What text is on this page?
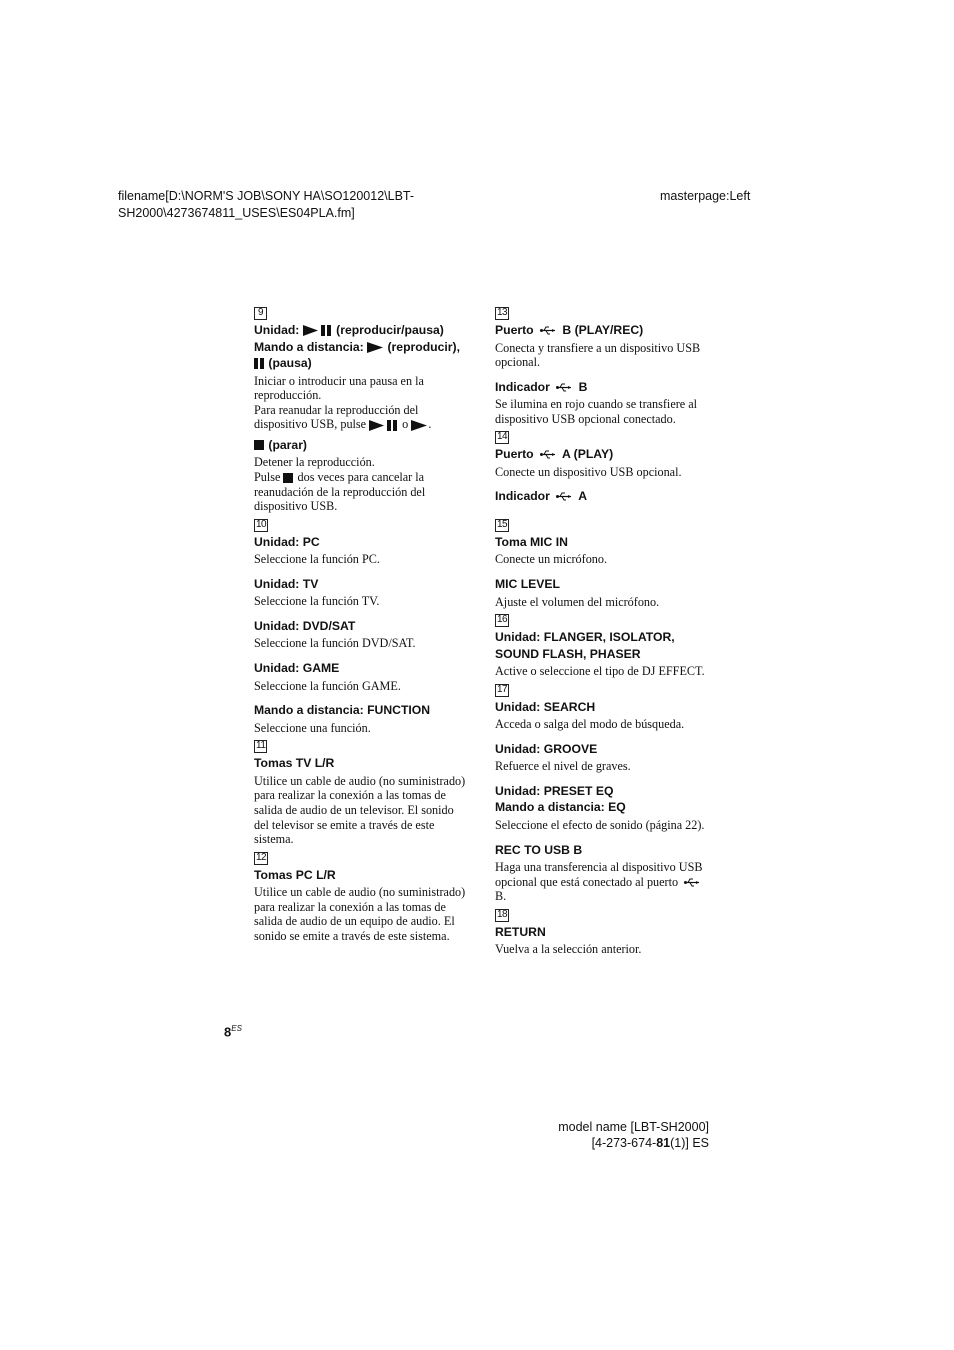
filename[D:\NORM'S JOB\SONY HA\SO120012\LBT-
SH2000\4273674811_USES\ES04PLA.fm]
masterpage:Left
9
Unidad:	(reproducir/pausa)
Mando a distancia: (reproducir),
(pausa)
Iniciar o introducir una pausa en la reproducción.
Para reanudar la reproducción del dispositivo USB, pulse	o .
(parar)
Detener la reproducción.
Pulse dos veces para cancelar la reanudación de la reproducción del dispositivo USB.
10
Unidad: PC
Seleccione la función PC.
Unidad: TV
Seleccione la función TV.
Unidad: DVD/SAT
Seleccione la función DVD/SAT.
Unidad: GAME
Seleccione la función GAME.
Mando a distancia: FUNCTION
Seleccione una función.
11
Tomas TV L/R
Utilice un cable de audio (no suministrado) para realizar la conexión a las tomas de salida de audio de un televisor. El sonido del televisor se emite a través de este sistema.
12
Tomas PC L/R
Utilice un cable de audio (no suministrado) para realizar la conexión a las tomas de salida de audio de un equipo de audio. El sonido se emite a través de este sistema.
13
Puerto B (PLAY/REC)
Conecta y transfiere a un dispositivo USB opcional.
Indicador B
Se ilumina en rojo cuando se transfiere al dispositivo USB opcional conectado.
14
Puerto A (PLAY)
Conecte un dispositivo USB opcional.
Indicador A
15
Toma MIC IN
Conecte un micrófono.
MIC LEVEL
Ajuste el volumen del micrófono.
16
Unidad: FLANGER, ISOLATOR,
SOUND FLASH, PHASER
Active o seleccione el tipo de DJ EFFECT.
17
Unidad: SEARCH
Acceda o salga del modo de búsqueda.
Unidad: GROOVE
Refuerce el nivel de graves.
Unidad: PRESET EQ
Mando a distancia: EQ
Seleccione el efecto de sonido (página 22).
REC TO USB B
Haga una transferencia al dispositivo USB opcional que está conectado al puerto  B.
18
RETURN
Vuelva a la selección anterior.
$8^{ES}$
model name [LBT-SH2000]
[4-273-674-81(1)] ES
